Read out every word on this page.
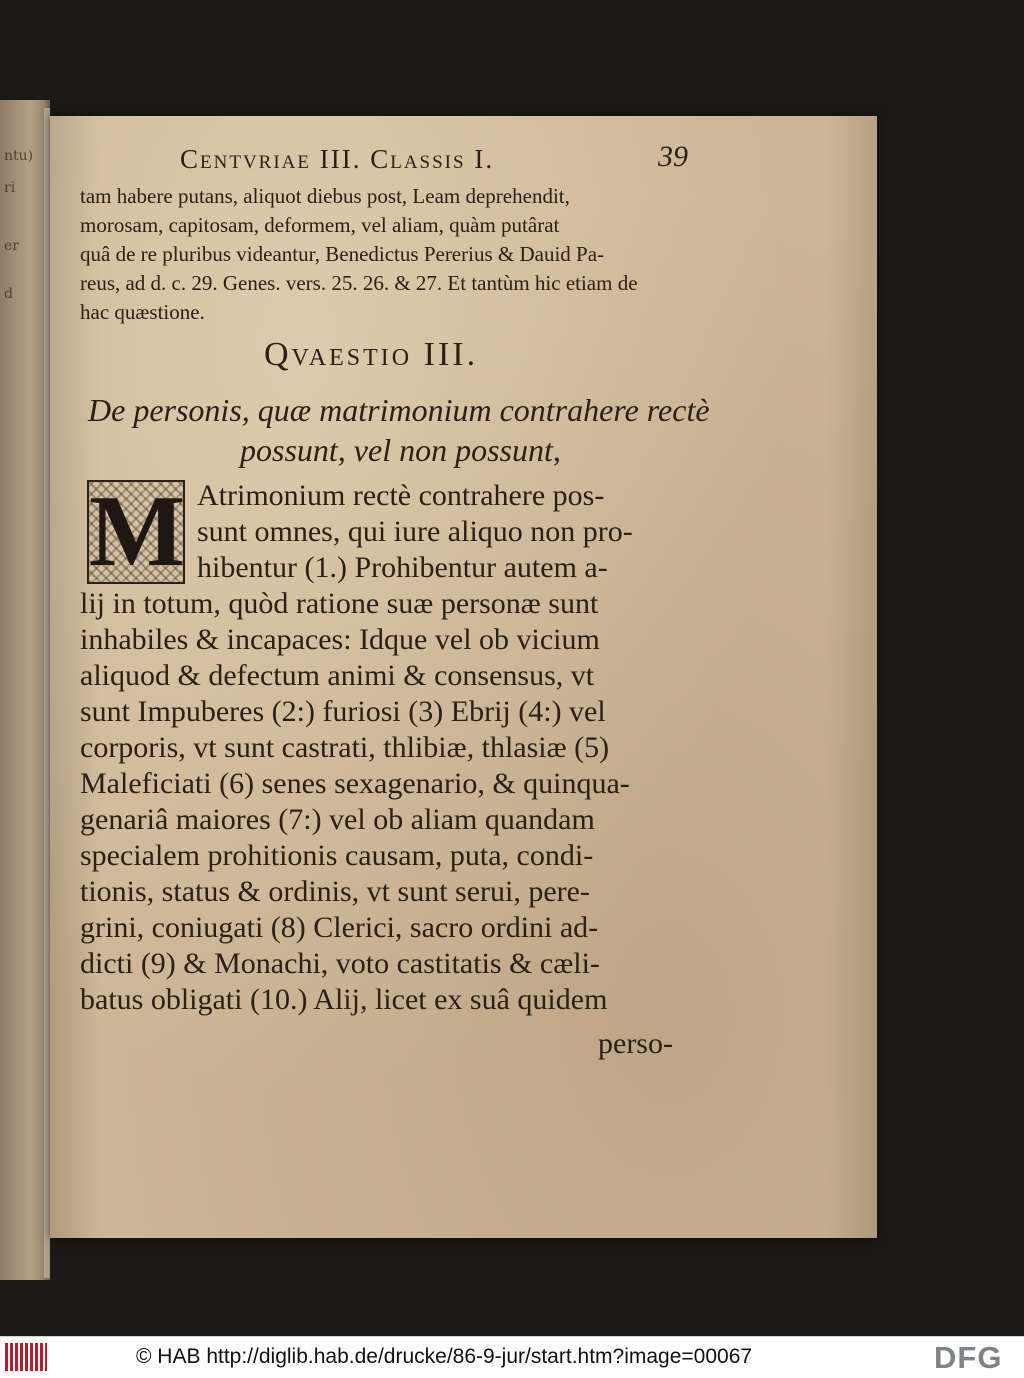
ntu)
ri
er
d
Centvriae III. Classis I.	39
tam habere putans, aliquot diebus post, Leam deprehendit,
morosam, capitosam, deformem, vel aliam, quàm putârat
quâ de re pluribus videantur, Benedictus Pererius & Dauid Pa-
reus, ad d. c. 29. Genes. vers. 25. 26. & 27. Et tantùm hic etiam de
hac quæstione.
Qvaestio III.
De personis, quæ matrimonium contrahere rectè
possunt, vel non possunt,
M Atrimonium rectè contrahere pos-
sunt omnes, qui iure aliquo non pro-
hibentur (1.) Prohibentur autem a-
lij in totum, quòd ratione suæ personæ sunt
inhabiles & incapaces: Idque vel ob vicium
aliquod & defectum animi & consensus, vt
sunt Impuberes (2:) furiosi (3) Ebrij (4:) vel
corporis, vt sunt castrati, thlibiæ, thlasiæ (5)
Maleficiati (6) senes sexagenario, & quinqua-
genariâ maiores (7:) vel ob aliam quandam
specialem prohitionis causam, puta, condi-
tionis, status & ordinis, vt sunt serui, pere-
grini, coniugati (8) Clerici, sacro ordini ad-
dicti (9) & Monachi, voto castitatis & cæli-
batus obligati (10.) Alij, licet ex suâ quidem
perso-
© HAB http://diglib.hab.de/drucke/86-9-jur/start.htm?image=00067	DFG
